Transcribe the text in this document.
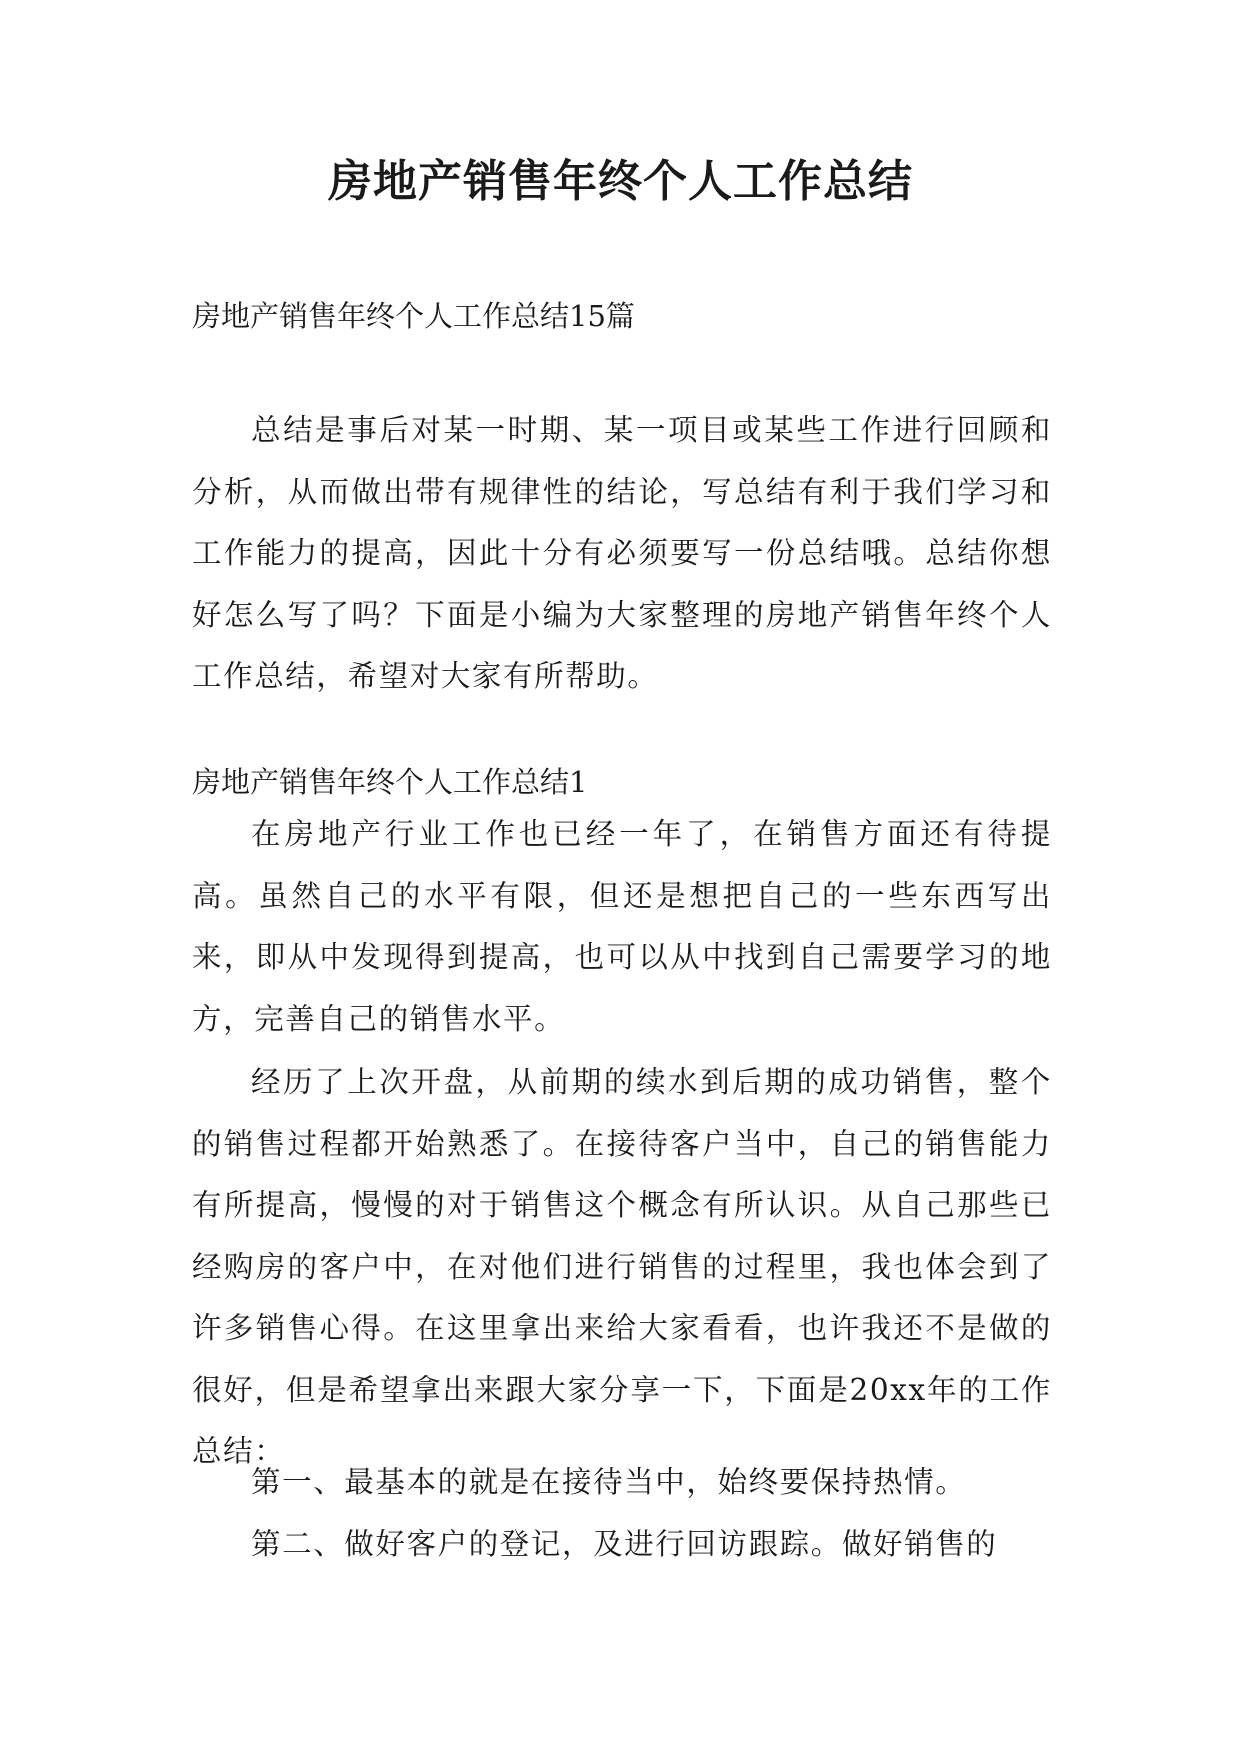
房地产销售年终个人工作总结

房地产销售年终个人工作总结15篇

总结是事后对某一时期、某一项目或某些工作进行回顾和分析，从而做出带有规律性的结论，写总结有利于我们学习和工作能力的提高，因此十分有必须要写一份总结哦。总结你想好怎么写了吗？下面是小编为大家整理的房地产销售年终个人工作总结，希望对大家有所帮助。

房地产销售年终个人工作总结1

在房地产行业工作也已经一年了，在销售方面还有待提高。虽然自己的水平有限，但还是想把自己的一些东西写出来，即从中发现得到提高，也可以从中找到自己需要学习的地方，完善自己的销售水平。

经历了上次开盘，从前期的续水到后期的成功销售，整个的销售过程都开始熟悉了。在接待客户当中，自己的销售能力有所提高，慢慢的对于销售这个概念有所认识。从自己那些已经购房的客户中，在对他们进行销售的过程里，我也体会到了许多销售心得。在这里拿出来给大家看看，也许我还不是做的很好，但是希望拿出来跟大家分享一下，下面是20xx年的工作总结：

第一、最基本的就是在接待当中，始终要保持热情。

第二、做好客户的登记，及进行回访跟踪。做好销售的
